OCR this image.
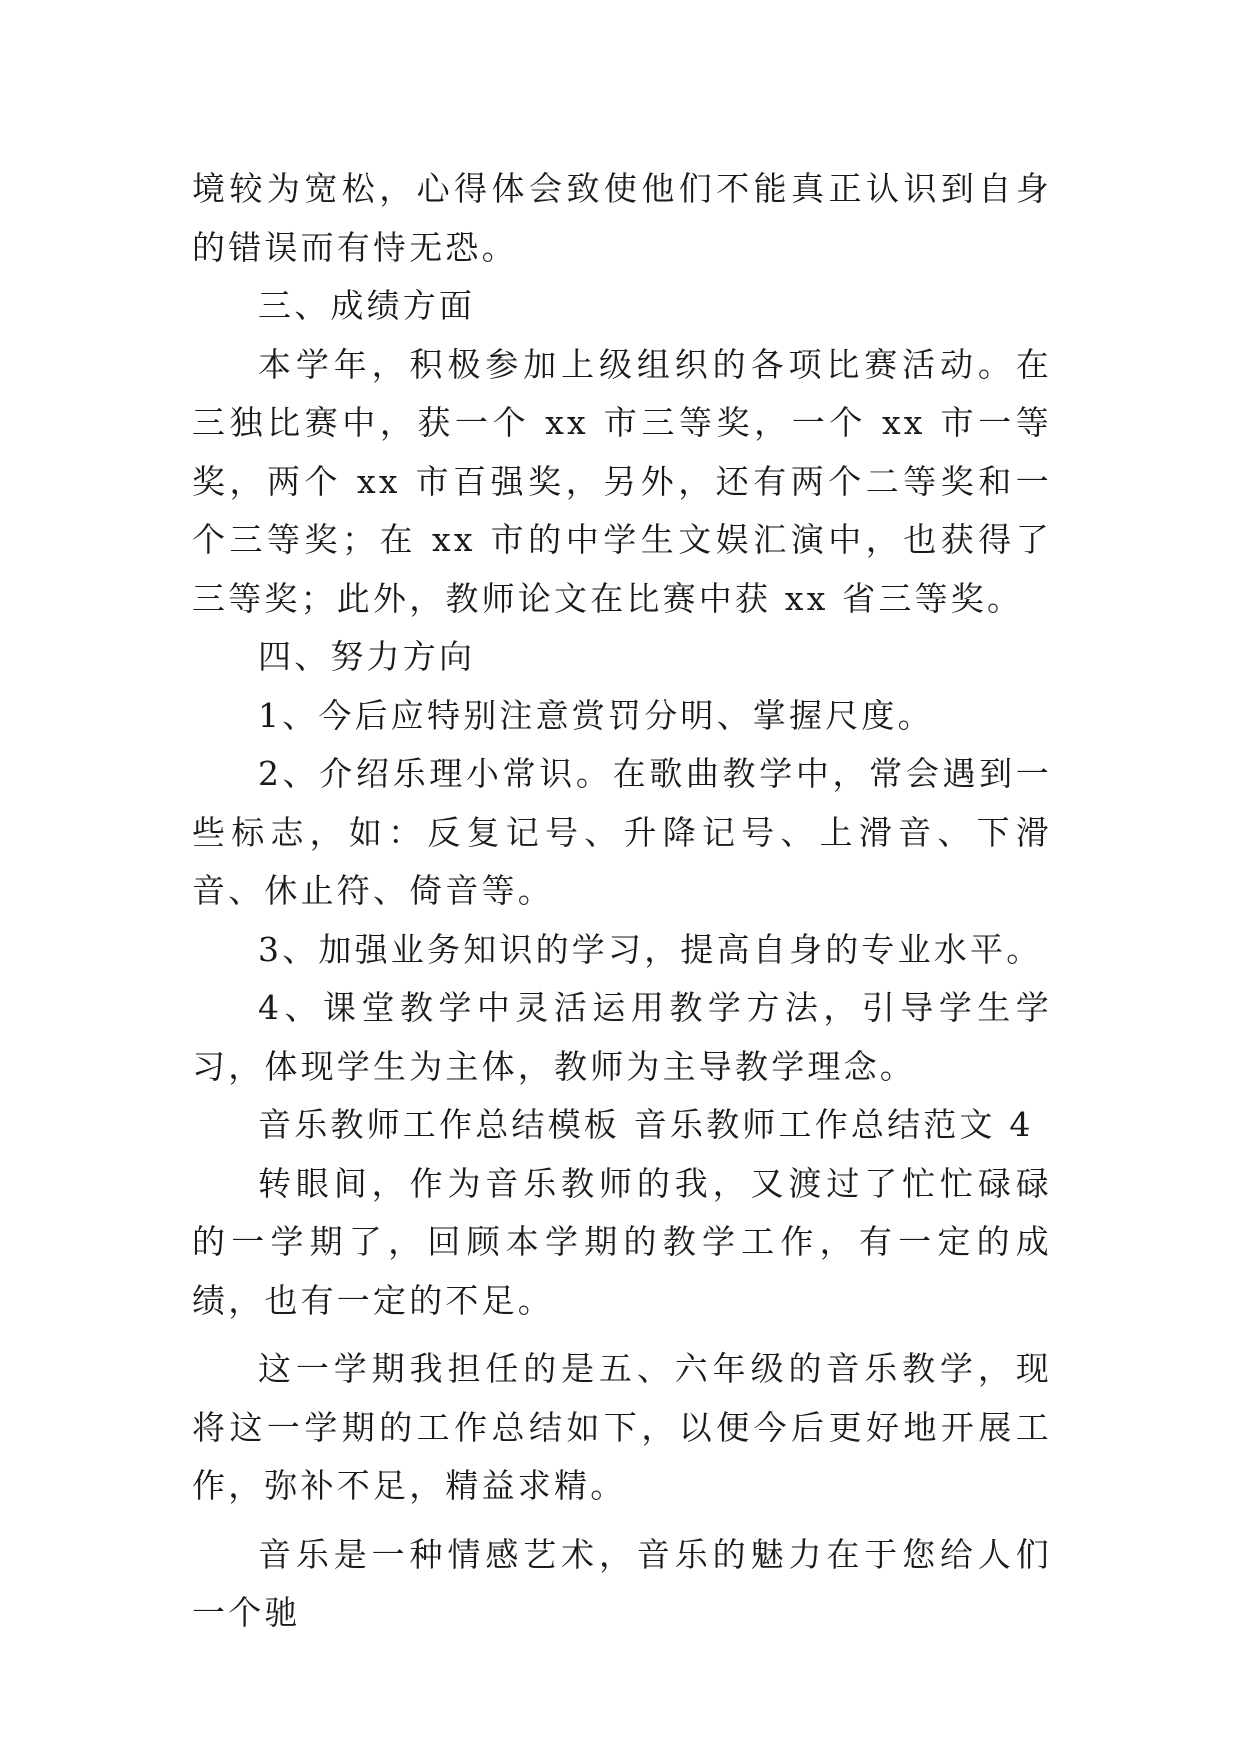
境较为宽松，心得体会致使他们不能真正认识到自身的错误而有恃无恐。

三、成绩方面

本学年，积极参加上级组织的各项比赛活动。在三独比赛中，获一个 xx 市三等奖，一个 xx 市一等奖，两个 xx 市百强奖，另外，还有两个二等奖和一个三等奖；在 xx 市的中学生文娱汇演中，也获得了三等奖；此外，教师论文在比赛中获 xx 省三等奖。

四、努力方向

1、今后应特别注意赏罚分明、掌握尺度。

2、介绍乐理小常识。在歌曲教学中，常会遇到一些标志，如：反复记号、升降记号、上滑音、下滑音、休止符、倚音等。

3、加强业务知识的学习，提高自身的专业水平。

4、课堂教学中灵活运用教学方法，引导学生学习，体现学生为主体，教师为主导教学理念。

音乐教师工作总结模板 音乐教师工作总结范文 4

转眼间，作为音乐教师的我，又渡过了忙忙碌碌的一学期了，回顾本学期的教学工作，有一定的成绩，也有一定的不足。

这一学期我担任的是五、六年级的音乐教学，现将这一学期的工作总结如下，以便今后更好地开展工作，弥补不足，精益求精。

音乐是一种情感艺术，音乐的魅力在于您给人们一个驰
